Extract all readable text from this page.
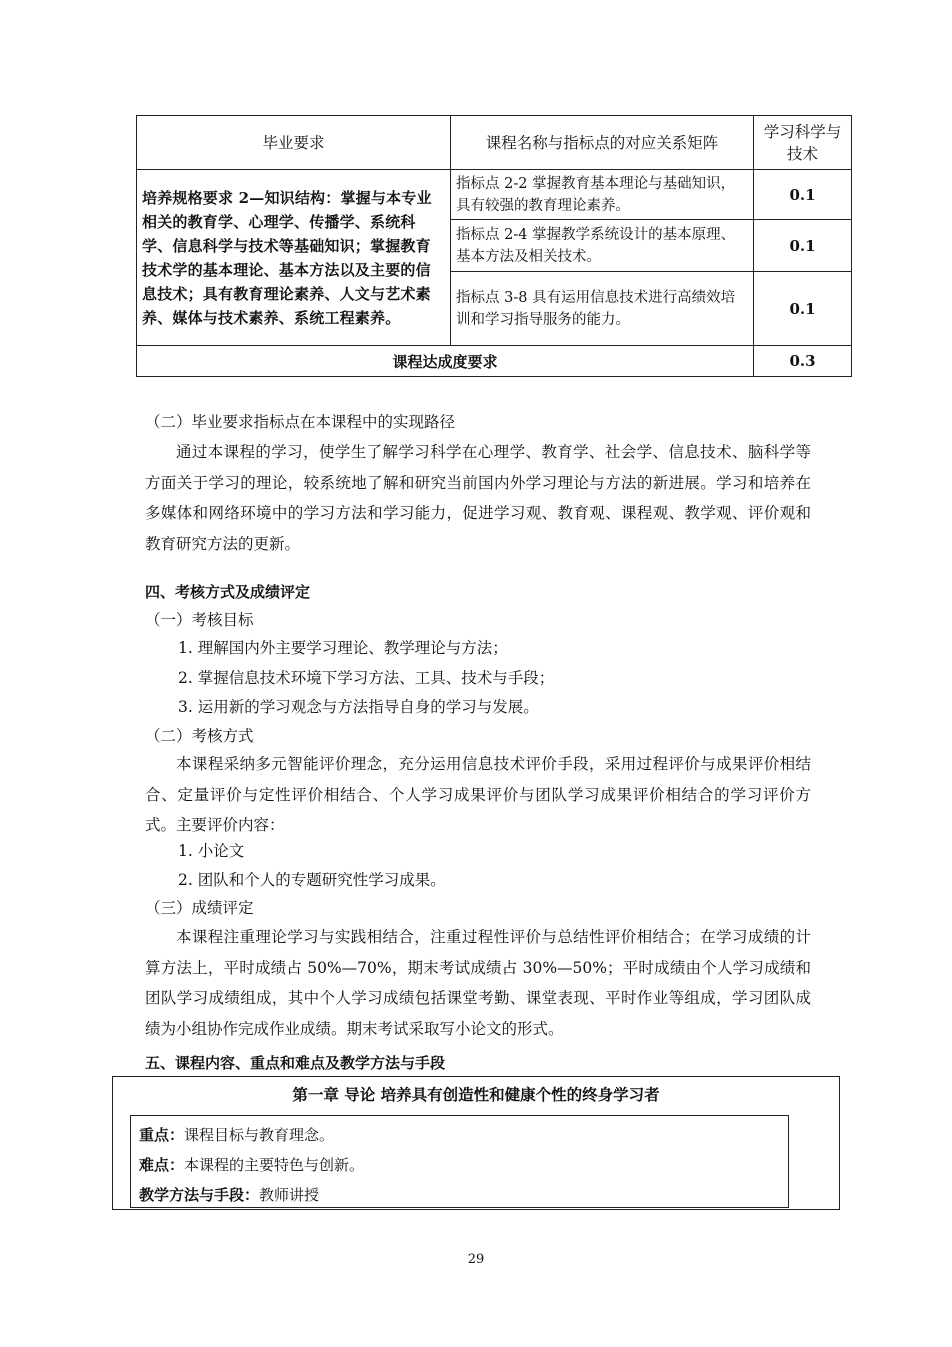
毕业要求	课程名称与指标点的对应关系矩阵	学习科学与技术
培养规格要求 2—知识结构：掌握与本专业相关的教育学、心理学、传播学、系统科学、信息科学与技术等基础知识；掌握教育技术学的基本理论、基本方法以及主要的信息技术；具有教育理论素养、人文与艺术素养、媒体与技术素养、系统工程素养。	指标点 2-2 掌握教育基本理论与基础知识，具有较强的教育理论素养。	0.1
	指标点 2-4 掌握教学系统设计的基本原理、基本方法及相关技术。	0.1
	指标点 3-8 具有运用信息技术进行高绩效培训和学习指导服务的能力。	0.1
课程达成度要求		0.3

（二）毕业要求指标点在本课程中的实现路径

通过本课程的学习，使学生了解学习科学在心理学、教育学、社会学、信息技术、脑科学等方面关于学习的理论，较系统地了解和研究当前国内外学习理论与方法的新进展。学习和培养在多媒体和网络环境中的学习方法和学习能力，促进学习观、教育观、课程观、教学观、评价观和教育研究方法的更新。

四、考核方式及成绩评定

（一）考核目标

1. 理解国内外主要学习理论、教学理论与方法；

2. 掌握信息技术环境下学习方法、工具、技术与手段；

3. 运用新的学习观念与方法指导自身的学习与发展。

（二）考核方式

本课程采纳多元智能评价理念，充分运用信息技术评价手段，采用过程评价与成果评价相结合、定量评价与定性评价相结合、个人学习成果评价与团队学习成果评价相结合的学习评价方式。主要评价内容：

1. 小论文

2. 团队和个人的专题研究性学习成果。

（三）成绩评定

本课程注重理论学习与实践相结合，注重过程性评价与总结性评价相结合；在学习成绩的计算方法上，平时成绩占 50%—70%，期末考试成绩占 30%—50%；平时成绩由个人学习成绩和团队学习成绩组成，其中个人学习成绩包括课堂考勤、课堂表现、平时作业等组成，学习团队成绩为小组协作完成作业成绩。期末考试采取写小论文的形式。

五、课程内容、重点和难点及教学方法与手段

第一章 导论 培养具有创造性和健康个性的终身学习者
重点：课程目标与教育理念。
难点：本课程的主要特色与创新。
教学方法与手段：教师讲授
29
